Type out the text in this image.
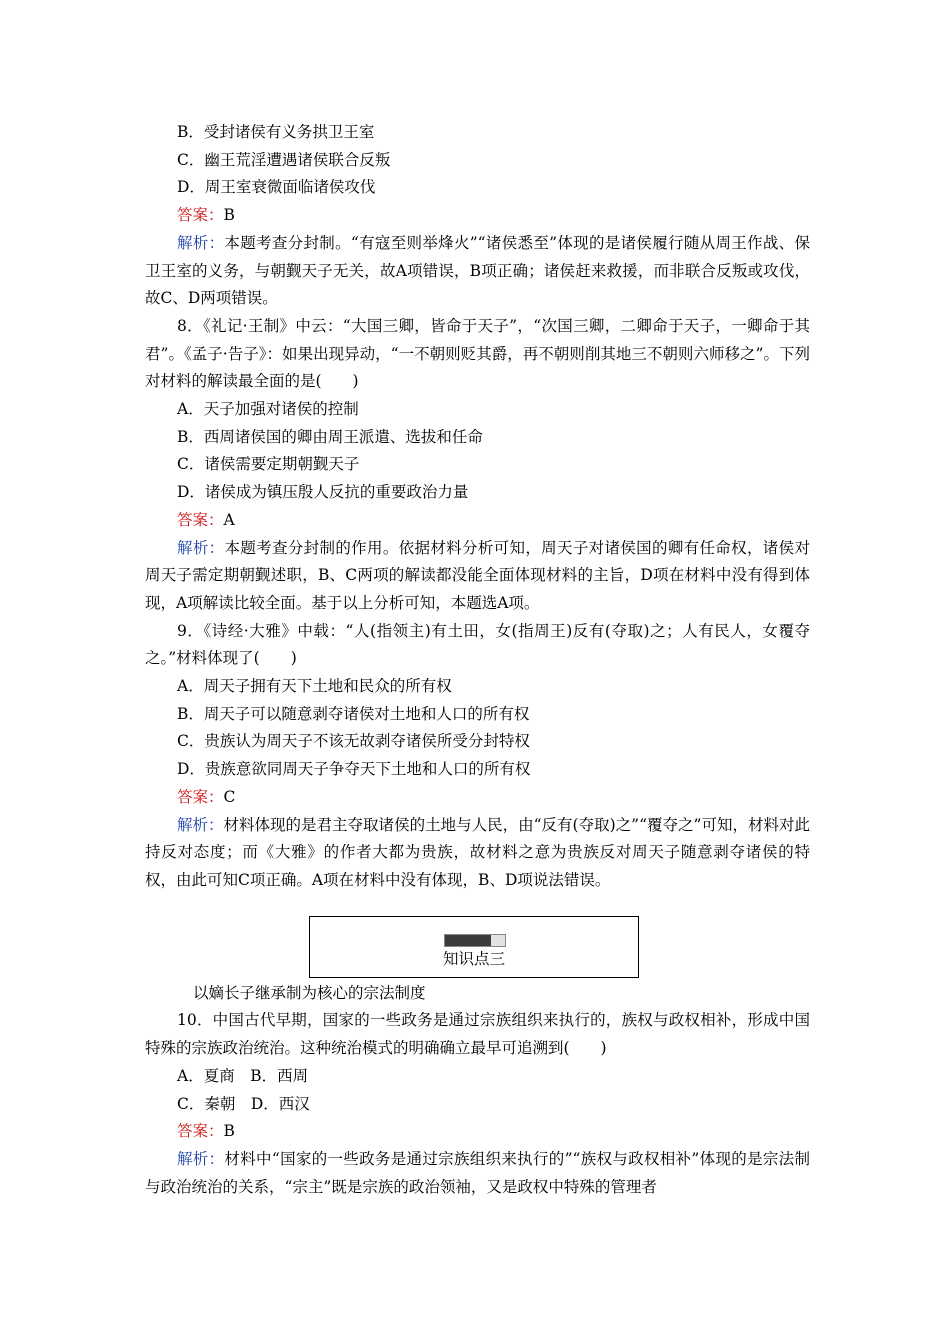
B．受封诸侯有义务拱卫王室

C．幽王荒淫遭遇诸侯联合反叛

D．周王室衰微面临诸侯攻伐

答案：B

解析：本题考查分封制。“有寇至则举烽火”“诸侯悉至”体现的是诸侯履行随从周王作战、保卫王室的义务，与朝觐天子无关，故A项错误，B项正确；诸侯赶来救援，而非联合反叛或攻伐，故C、D两项错误。

8．《礼记·王制》中云：“大国三卿，皆命于天子”，“次国三卿，二卿命于天子，一卿命于其君”。《孟子·告子》：如果出现异动，“一不朝则贬其爵，再不朝则削其地三不朝则六师移之”。下列对材料的解读最全面的是(　　)

A．天子加强对诸侯的控制

B．西周诸侯国的卿由周王派遣、选拔和任命

C．诸侯需要定期朝觐天子

D．诸侯成为镇压殷人反抗的重要政治力量

答案：A

解析：本题考查分封制的作用。依据材料分析可知，周天子对诸侯国的卿有任命权，诸侯对周天子需定期朝觐述职，B、C两项的解读都没能全面体现材料的主旨，D项在材料中没有得到体现，A项解读比较全面。基于以上分析可知，本题选A项。

9．《诗经·大雅》中载：“人(指领主)有土田，女(指周王)反有(夺取)之；人有民人，女覆夺之。”材料体现了(　　)

A．周天子拥有天下土地和民众的所有权

B．周天子可以随意剥夺诸侯对土地和人口的所有权

C．贵族认为周天子不该无故剥夺诸侯所受分封特权

D．贵族意欲同周天子争夺天下土地和人口的所有权

答案：C

解析：材料体现的是君主夺取诸侯的土地与人民，由“反有(夺取)之”“覆夺之”可知，材料对此持反对态度；而《大雅》的作者大都为贵族，故材料之意为贵族反对周天子随意剥夺诸侯的特权，由此可知C项正确。A项在材料中没有体现，B、D项说法错误。

知识点三

以嫡长子继承制为核心的宗法制度

10．中国古代早期，国家的一些政务是通过宗族组织来执行的，族权与政权相补，形成中国特殊的宗族政治统治。这种统治模式的明确确立最早可追溯到(　　)

A．夏商　B．西周

C．秦朝　D．西汉

答案：B

解析：材料中“国家的一些政务是通过宗族组织来执行的”“族权与政权相补”体现的是宗法制与政治统治的关系，“宗主”既是宗族的政治领袖，又是政权中特殊的管理者
